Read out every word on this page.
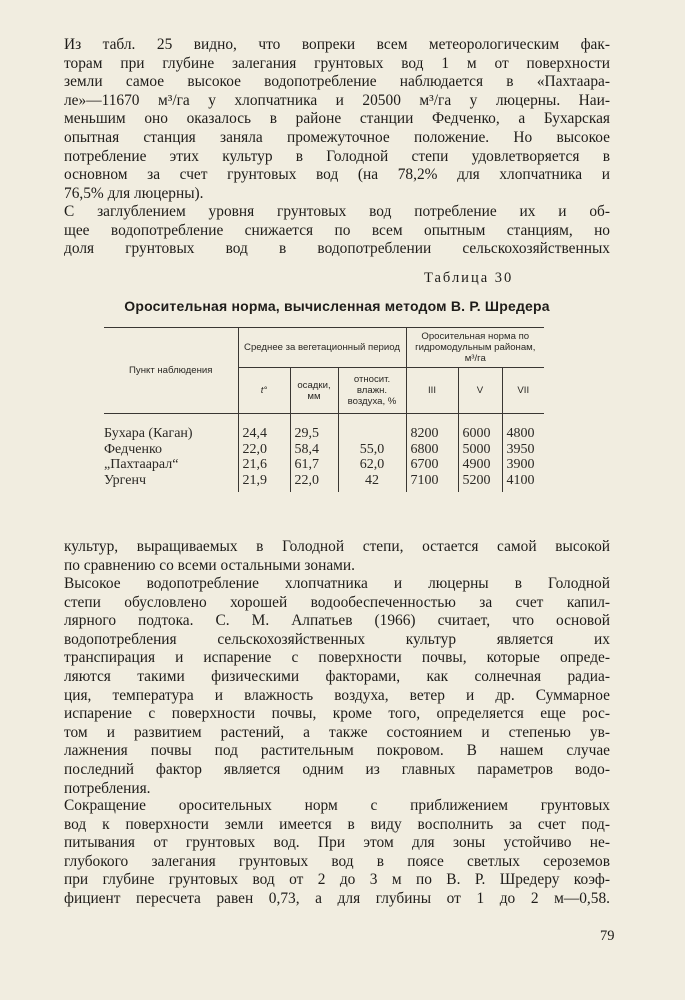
Из табл. 25 видно, что вопреки всем метеорологическим фак-
торам при глубине залегания грунтовых вод 1 м от поверхности
земли самое высокое водопотребление наблюдается в «Пахтаара-
ле»—11670 м³/га у хлопчатника и 20500 м³/га у люцерны. Наи-
меньшим оно оказалось в районе станции Федченко, а Бухарская
опытная станция заняла промежуточное положение. Но высокое
потребление этих культур в Голодной степи удовлетворяется в
основном за счет грунтовых вод (на 78,2% для хлопчатника и
76,5% для люцерны).

С заглублением уровня грунтовых вод потребление их и об-
щее водопотребление снижается по всем опытным станциям, но
доля грунтовых вод в водопотреблении сельскохозяйственных

Таблица 30

Оросительная норма, вычисленная методом В. Р. Шредера

Пункт наблюдения	Среднее за вегетационный период			Оросительная норма по гидромодульным районам, м³/га		
	t°	осадки, мм	относит. влажн. воздуха, %	III	V	VII
Бухара (Каган)	24,4	29,5		8200	6000	4800
Федченко	22,0	58,4	55,0	6800	5000	3950
„Пахтаарал“	21,6	61,7	62,0	6700	4900	3900
Ургенч	21,9	22,0	42	7100	5200	4100

культур, выращиваемых в Голодной степи, остается самой высокой
по сравнению со всеми остальными зонами.

Высокое водопотребление хлопчатника и люцерны в Голодной
степи обусловлено хорошей водообеспеченностью за счет капил-
лярного подтока. С. М. Алпатьев (1966) считает, что основой
водопотребления сельскохозяйственных культур является их
транспирация и испарение с поверхности почвы, которые опреде-
ляются такими физическими факторами, как солнечная радиа-
ция, температура и влажность воздуха, ветер и др. Суммарное
испарение с поверхности почвы, кроме того, определяется еще рос-
том и развитием растений, а также состоянием и степенью ув-
лажнения почвы под растительным покровом. В нашем случае
последний фактор является одним из главных параметров водо-
потребления.

Сокращение оросительных норм с приближением грунтовых
вод к поверхности земли имеется в виду восполнить за счет под-
питывания от грунтовых вод. При этом для зоны устойчиво не-
глубокого залегания грунтовых вод в поясе светлых сероземов
при глубине грунтовых вод от 2 до 3 м по В. Р. Шредеру коэф-
фициент пересчета равен 0,73, а для глубины от 1 до 2 м—0,58.

79
